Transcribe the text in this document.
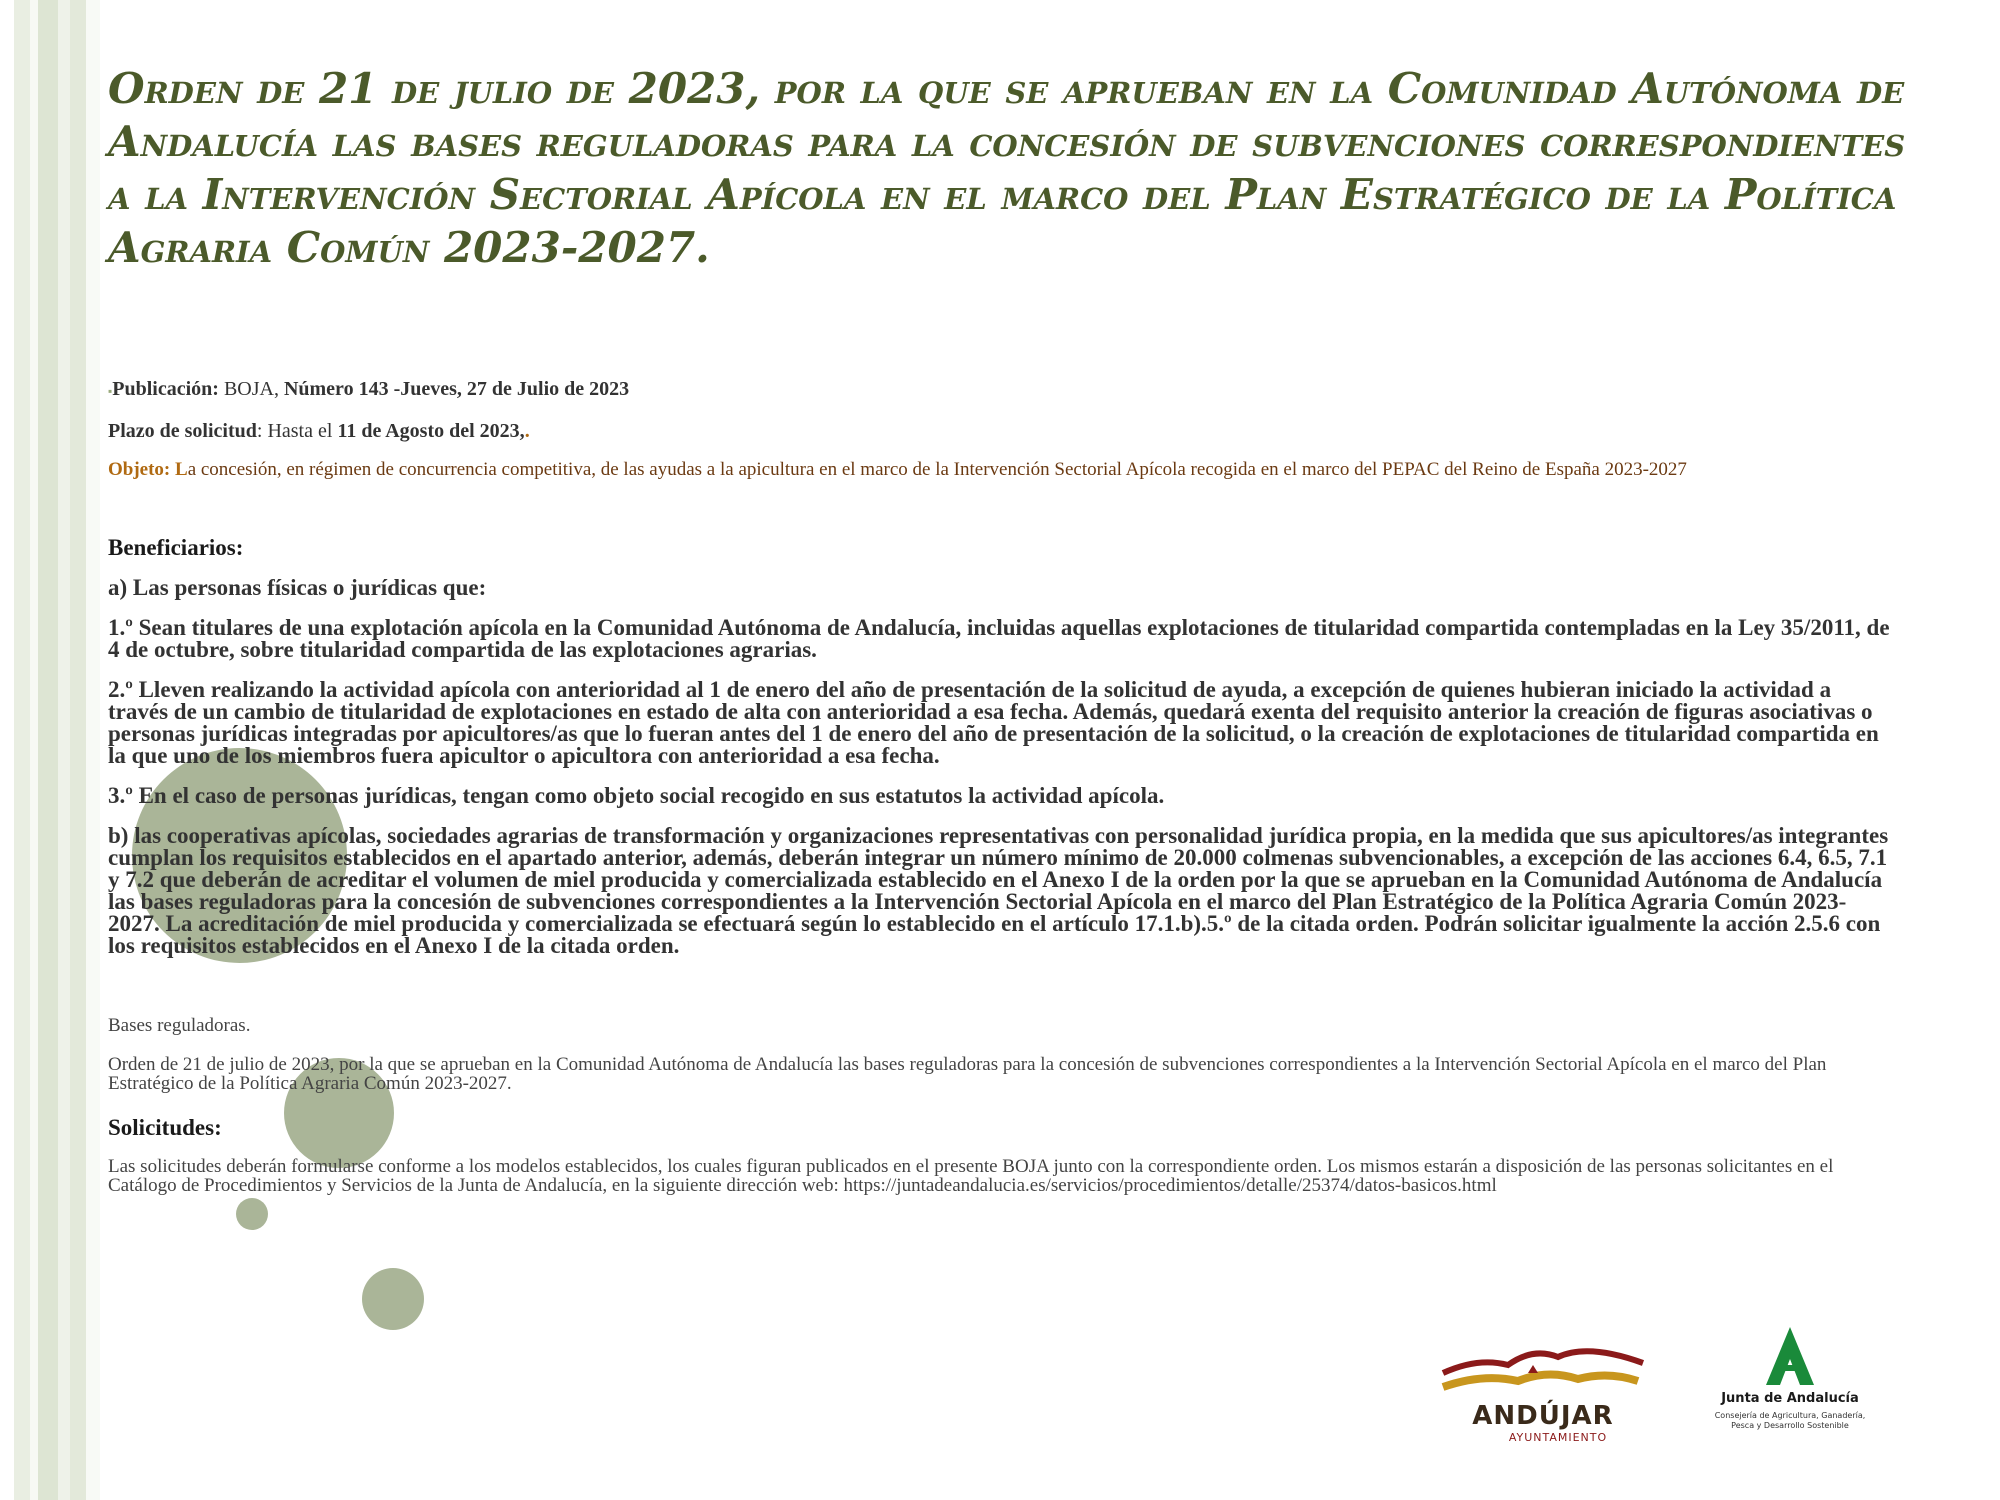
Orden de 21 de julio de 2023, por la que se aprueban en la Comunidad Autónoma de Andalucía las bases reguladoras para la concesión de subvenciones correspondientes a la Intervención Sectorial Apícola en el marco del Plan Estratégico de la Política Agraria Común 2023-2027.

▪Publicación: BOJA, Número 143 -Jueves, 27 de Julio de 2023

Plazo de solicitud: Hasta el 11 de Agosto del 2023,.

Objeto: La concesión, en régimen de concurrencia competitiva, de las ayudas a la apicultura en el marco de la Intervención Sectorial Apícola recogida en el marco del PEPAC del Reino de España 2023-2027

Beneficiarios:

a) Las personas físicas o jurídicas que:

1.º Sean titulares de una explotación apícola en la Comunidad Autónoma de Andalucía, incluidas aquellas explotaciones de titularidad compartida contempladas en la Ley 35/2011, de 4 de octubre, sobre titularidad compartida de las explotaciones agrarias.

2.º Lleven realizando la actividad apícola con anterioridad al 1 de enero del año de presentación de la solicitud de ayuda, a excepción de quienes hubieran iniciado la actividad a través de un cambio de titularidad de explotaciones en estado de alta con anterioridad a esa fecha. Además, quedará exenta del requisito anterior la creación de figuras asociativas o personas jurídicas integradas por apicultores/as que lo fueran antes del 1 de enero del año de presentación de la solicitud, o la creación de explotaciones de titularidad compartida en la que uno de los miembros fuera apicultor o apicultora con anterioridad a esa fecha.

3.º En el caso de personas jurídicas, tengan como objeto social recogido en sus estatutos la actividad apícola.

b) las cooperativas apícolas, sociedades agrarias de transformación y organizaciones representativas con personalidad jurídica propia, en la medida que sus apicultores/as integrantes cumplan los requisitos establecidos en el apartado anterior, además, deberán integrar un número mínimo de 20.000 colmenas subvencionables, a excepción de las acciones 6.4, 6.5, 7.1 y 7.2 que deberán de acreditar el volumen de miel producida y comercializada establecido en el Anexo I de la orden por la que se aprueban en la Comunidad Autónoma de Andalucía las bases reguladoras para la concesión de subvenciones correspondientes a la Intervención Sectorial Apícola en el marco del Plan Estratégico de la Política Agraria Común 2023-2027. La acreditación de miel producida y comercializada se efectuará según lo establecido en el artículo 17.1.b).5.º de la citada orden. Podrán solicitar igualmente la acción 2.5.6 con los requisitos establecidos en el Anexo I de la citada orden.

Bases reguladoras.

Orden de 21 de julio de 2023, por la que se aprueban en la Comunidad Autónoma de Andalucía las bases reguladoras para la concesión de subvenciones correspondientes a la Intervención Sectorial Apícola en el marco del Plan Estratégico de la Política Agraria Común 2023-2027.

Solicitudes:

Las solicitudes deberán formularse conforme a los modelos establecidos, los cuales figuran publicados en el presente BOJA junto con la correspondiente orden. Los mismos estarán a disposición de las personas solicitantes en el Catálogo de Procedimientos y Servicios de la Junta de Andalucía, en la siguiente dirección web: https://juntadeandalucia.es/servicios/procedimientos/detalle/25374/datos-basicos.html

ANDÚJAR
AYUNTAMIENTO
Junta de Andalucía
Consejería de Agricultura, Ganadería, Pesca y Desarrollo Sostenible
